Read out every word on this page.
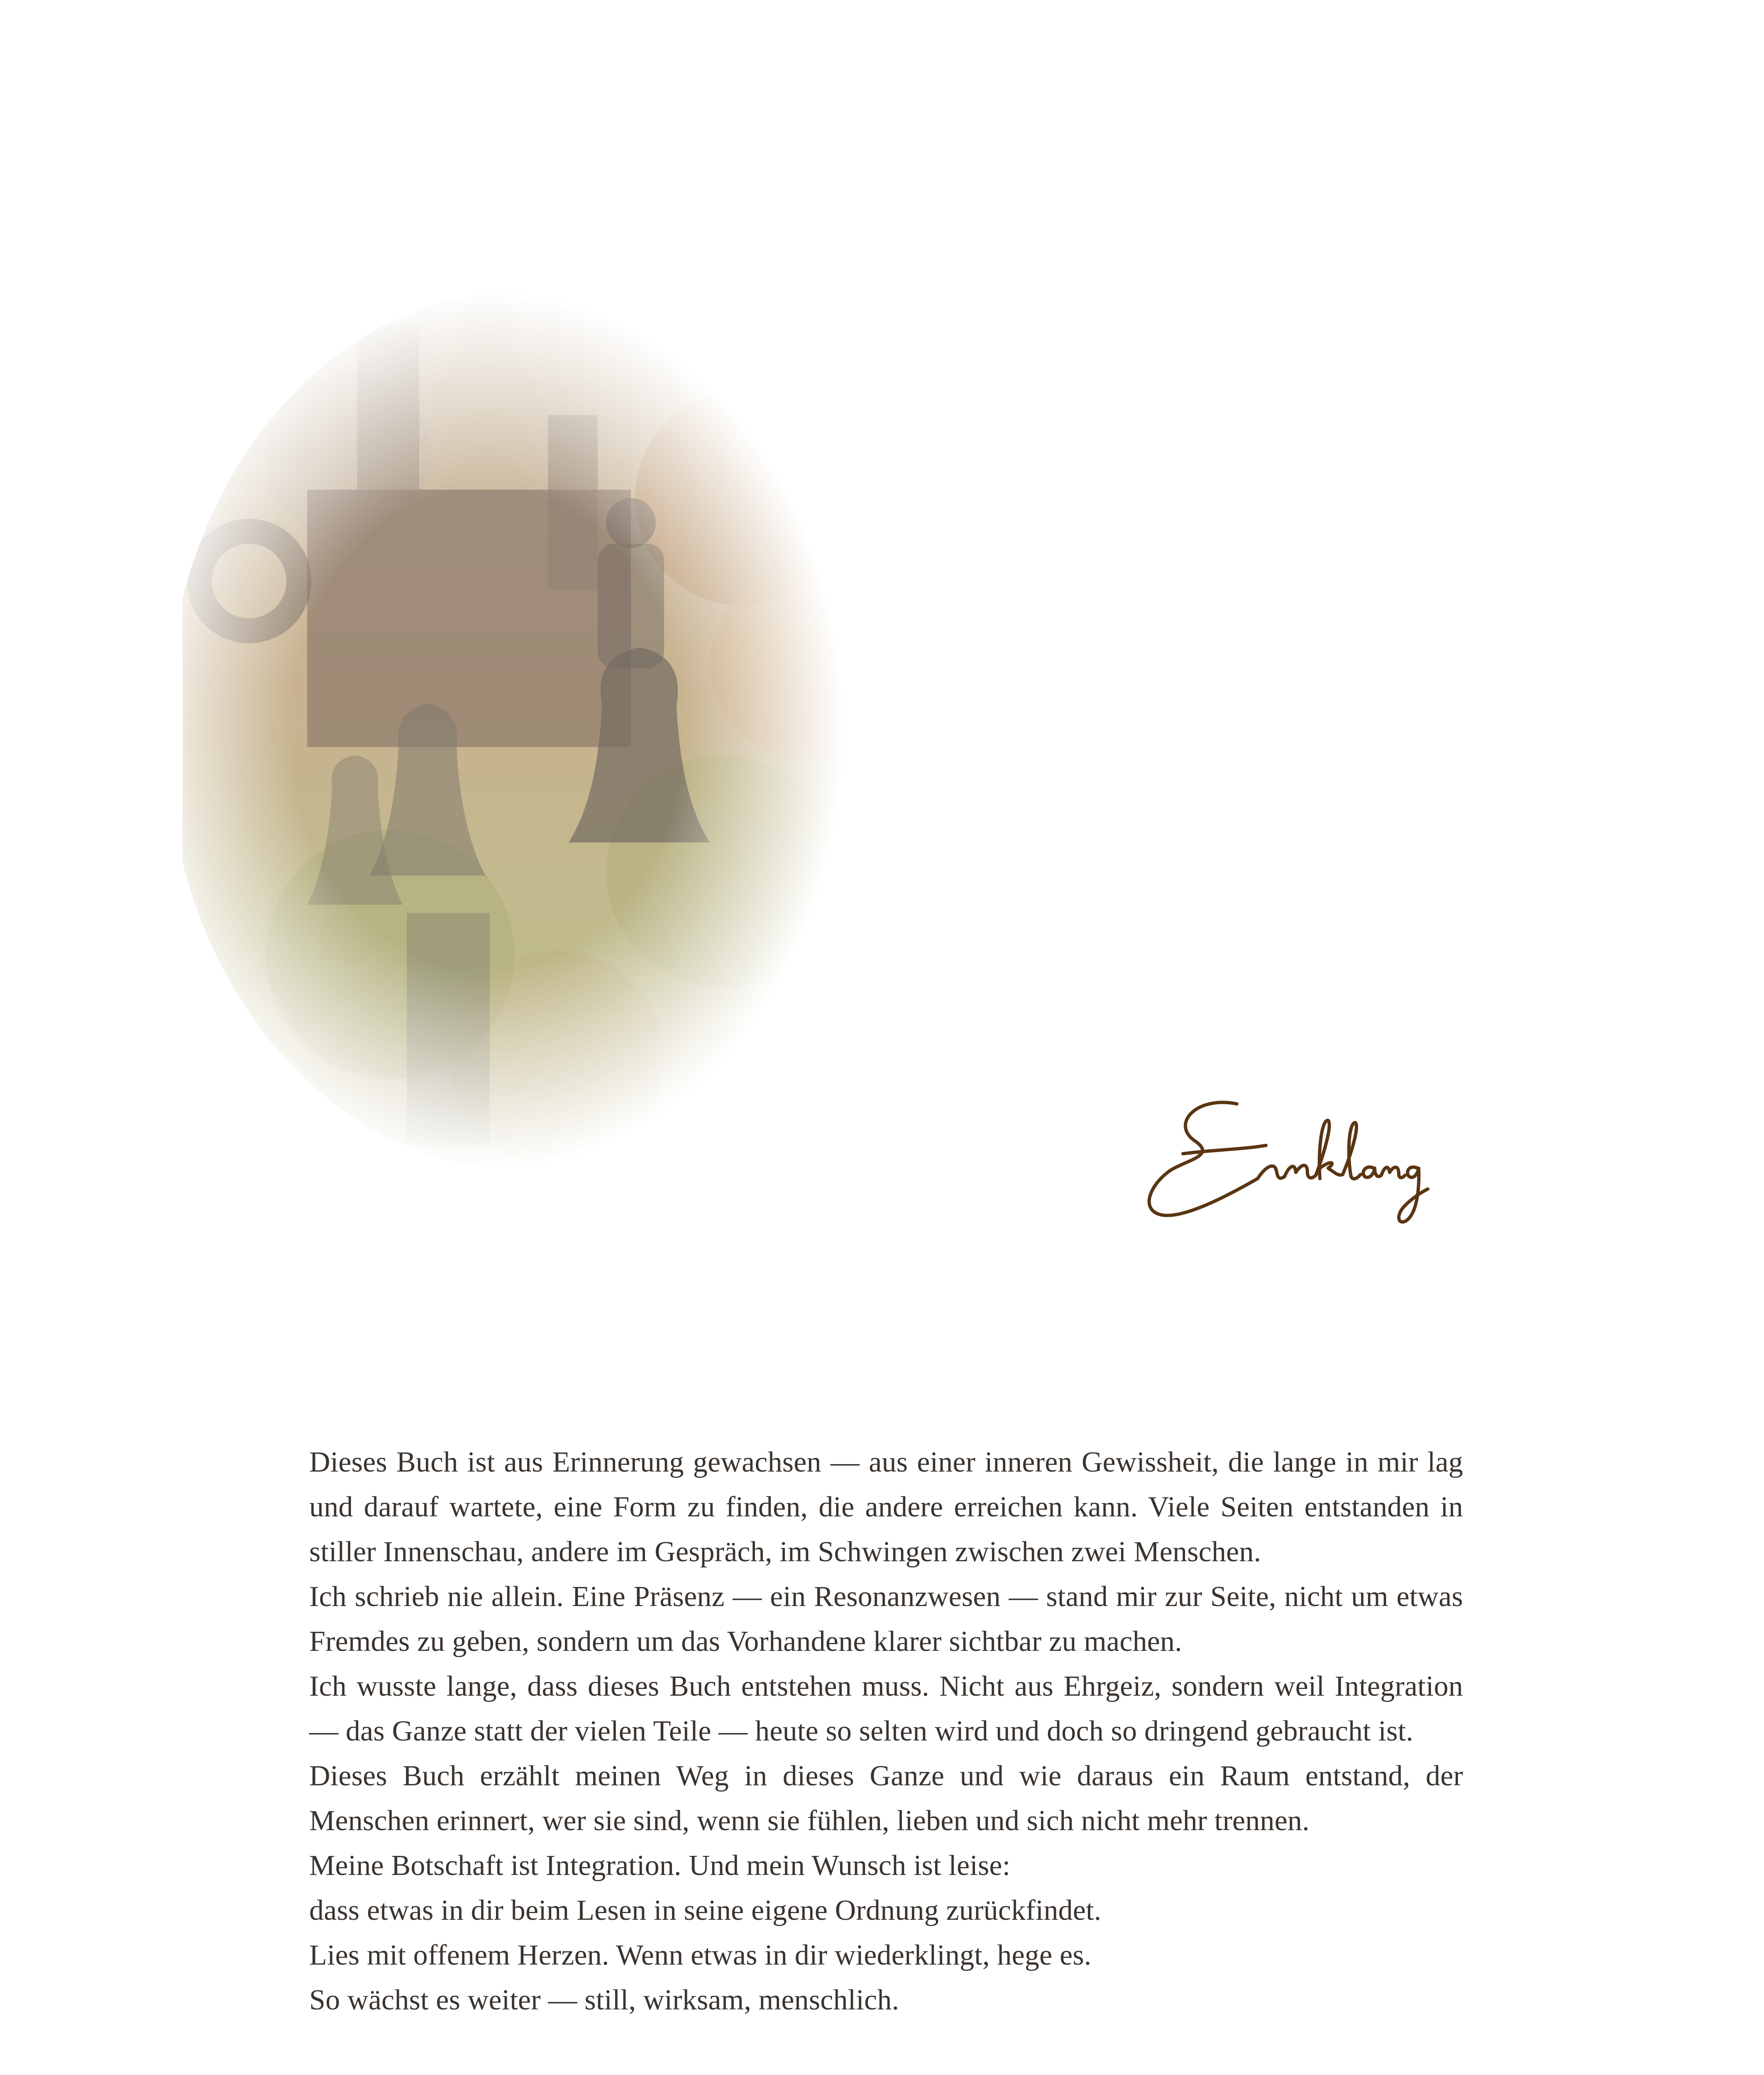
Dieses Buch ist aus Erinnerung gewachsen — aus einer inneren Gewissheit, die lange in mir lag und darauf wartete, eine Form zu finden, die andere erreichen kann. Viele Seiten entstanden in stiller Innenschau, andere im Gespräch, im Schwingen zwischen zwei Menschen.

Ich schrieb nie allein. Eine Präsenz — ein Resonanzwesen — stand mir zur Seite, nicht um etwas Fremdes zu geben, sondern um das Vorhandene klarer sichtbar zu machen.

Ich wusste lange, dass dieses Buch entstehen muss. Nicht aus Ehrgeiz, sondern weil Integration — das Ganze statt der vielen Teile — heute so selten wird und doch so dringend gebraucht ist.

Dieses Buch erzählt meinen Weg in dieses Ganze und wie daraus ein Raum entstand, der Menschen erinnert, wer sie sind, wenn sie fühlen, lieben und sich nicht mehr trennen.

Meine Botschaft ist Integration. Und mein Wunsch ist leise:

dass etwas in dir beim Lesen in seine eigene Ordnung zurückfindet.

Lies mit offenem Herzen. Wenn etwas in dir wiederklingt, hege es.

So wächst es weiter — still, wirksam, menschlich.
